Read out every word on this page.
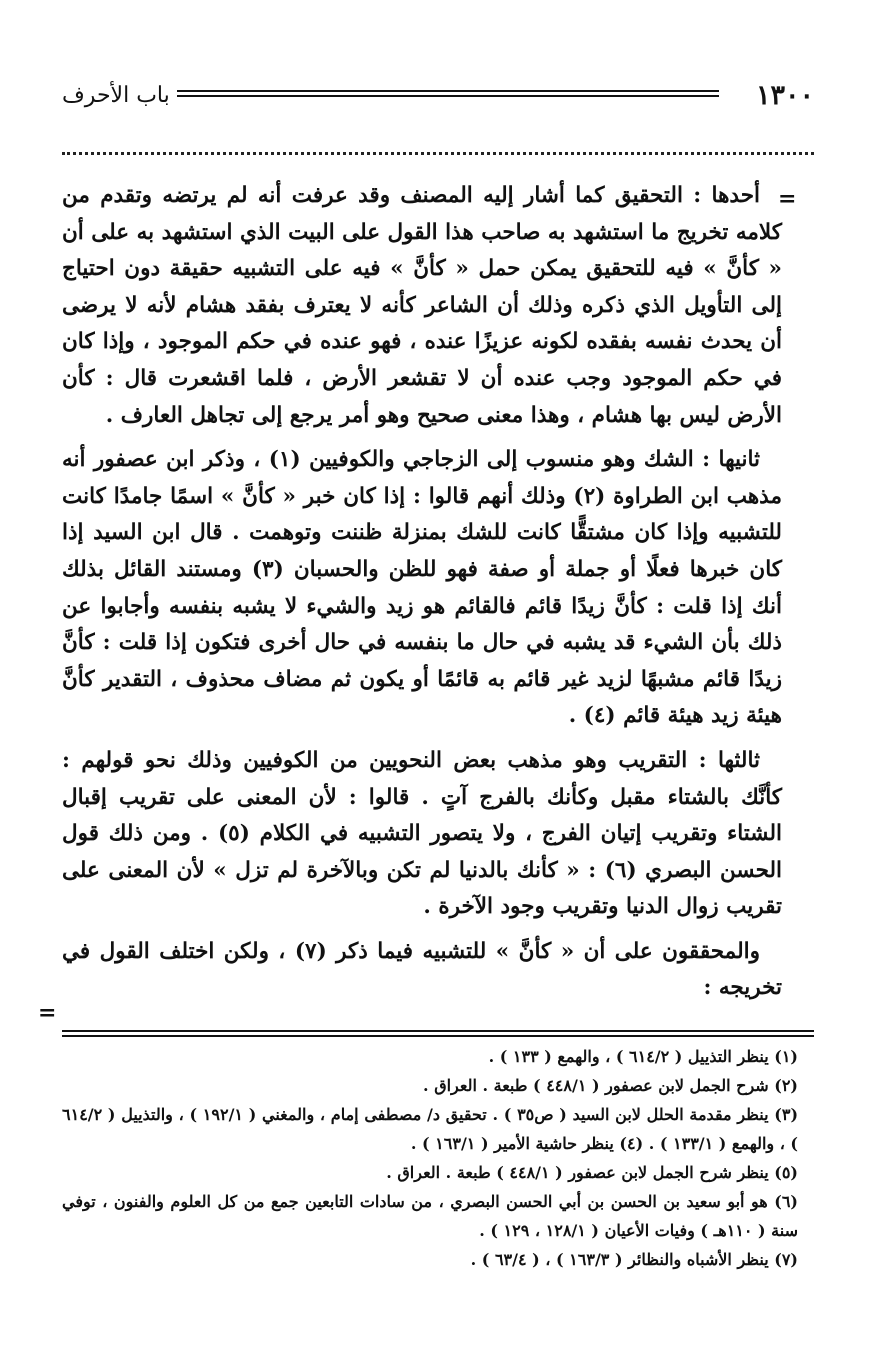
١٣٠٠
باب الأحرف
=

أحدها : التحقيق كما أشار إليه المصنف وقد عرفت أنه لم يرتضه وتقدم من كلامه تخريج ما استشهد به صاحب هذا القول على البيت الذي استشهد به على أن « كأنَّ » فيه للتحقيق يمكن حمل « كأنَّ » فيه على التشبيه حقيقة دون احتياج إلى التأويل الذي ذكره وذلك أن الشاعر كأنه لا يعترف بفقد هشام لأنه لا يرضى أن يحدث نفسه بفقده لكونه عزيزًا عنده ، فهو عنده في حكم الموجود ، وإذا كان في حكم الموجود وجب عنده أن لا تقشعر الأرض ، فلما اقشعرت قال : كأن الأرض ليس بها هشام ، وهذا معنى صحيح وهو أمر يرجع إلى تجاهل العارف .

ثانيها : الشك وهو منسوب إلى الزجاجي والكوفيين (١) ، وذكر ابن عصفور أنه مذهب ابن الطراوة (٢) وذلك أنهم قالوا : إذا كان خبر « كأنَّ » اسمًا جامدًا كانت للتشبيه وإذا كان مشتقًّا كانت للشك بمنزلة ظننت وتوهمت . قال ابن السيد إذا كان خبرها فعلًا أو جملة أو صفة فهو للظن والحسبان (٣) ومستند القائل بذلك أنك إذا قلت : كأنَّ زيدًا قائم فالقائم هو زيد والشيء لا يشبه بنفسه وأجابوا عن ذلك بأن الشيء قد يشبه في حال ما بنفسه في حال أخرى فتكون إذا قلت : كأنَّ زيدًا قائم مشبهًا لزيد غير قائم به قائمًا أو يكون ثم مضاف محذوف ، التقدير كأنَّ هيئة زيد هيئة قائم (٤) .

ثالثها : التقريب وهو مذهب بعض النحويين من الكوفيين وذلك نحو قولهم : كأنَّك بالشتاء مقبل وكأنك بالفرج آتٍ . قالوا : لأن المعنى على تقريب إقبال الشتاء وتقريب إتيان الفرج ، ولا يتصور التشبيه في الكلام (٥) . ومن ذلك قول الحسن البصري (٦) : « كأنك بالدنيا لم تكن وبالآخرة لم تزل » لأن المعنى على تقريب زوال الدنيا وتقريب وجود الآخرة .

والمحققون على أن « كأنَّ » للتشبيه فيما ذكر (٧) ، ولكن اختلف القول في تخريجه :

=

(١) ينظر التذييل ( ٦١٤/٢ ) ، والهمع ( ١٣٣ ) .

(٢) شرح الجمل لابن عصفور ( ٤٤٨/١ ) طبعة . العراق .

(٣) ينظر مقدمة الحلل لابن السيد ( ص٣٥ ) . تحقيق د/ مصطفى إمام ، والمغني ( ١٩٢/١ ) ، والتذييل ( ٦١٤/٢ ) ، والهمع ( ١٣٣/١ ) . (٤) ينظر حاشية الأمير ( ١٦٣/١ ) .

(٥) ينظر شرح الجمل لابن عصفور ( ٤٤٨/١ ) طبعة . العراق .

(٦) هو أبو سعيد بن الحسن بن أبي الحسن البصري ، من سادات التابعين جمع من كل العلوم والفنون ، توفي سنة ( ١١٠هـ ) وفيات الأعيان ( ١٢٨/١ ، ١٢٩ ) .

(٧) ينظر الأشباه والنظائر ( ١٦٣/٣ ) ، ( ٦٣/٤ ) .
